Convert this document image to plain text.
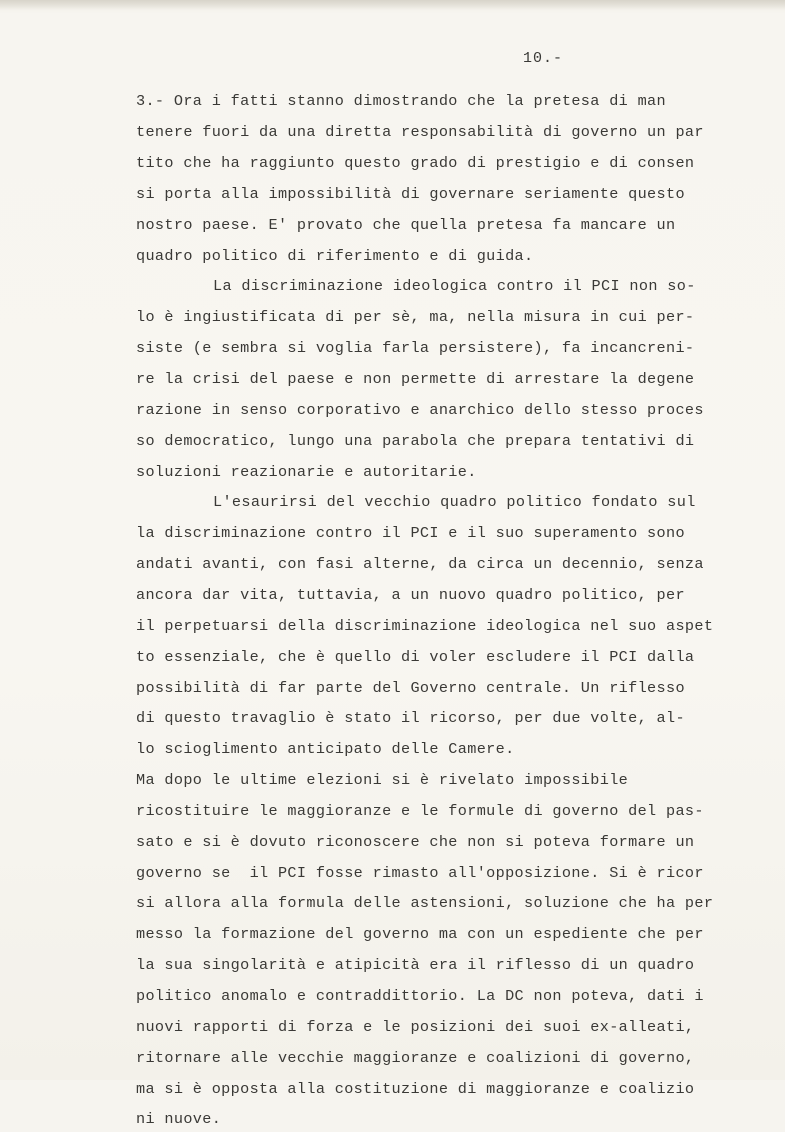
10.-
3.- Ora i fatti stanno dimostrando che la pretesa di man
tenere fuori da una diretta responsabilità di governo un par
tito che ha raggiunto questo grado di prestigio e di consen
si porta alla impossibilità di governare seriamente questo
nostro paese. E' provato che quella pretesa fa mancare un
quadro politico di riferimento e di guida.
La discriminazione ideologica contro il PCI non so-
lo è ingiustificata di per sè, ma, nella misura in cui per-
siste (e sembra si voglia farla persistere), fa incancreni-
re la crisi del paese e non permette di arrestare la degene
razione in senso corporativo e anarchico dello stesso proces
so democratico, lungo una parabola che prepara tentativi di
soluzioni reazionarie e autoritarie.
L'esaurirsi del vecchio quadro politico fondato sul
la discriminazione contro il PCI e il suo superamento sono
andati avanti, con fasi alterne, da circa un decennio, senza
ancora dar vita, tuttavia, a un nuovo quadro politico, per
il perpetuarsi della discriminazione ideologica nel suo aspet
to essenziale, che è quello di voler escludere il PCI dalla
possibilità di far parte del Governo centrale. Un riflesso
di questo travaglio è stato il ricorso, per due volte, al-
lo scioglimento anticipato delle Camere.
Ma dopo le ultime elezioni si è rivelato impossibile
ricostituire le maggioranze e le formule di governo del pas-
sato e si è dovuto riconoscere che non si poteva formare un
governo se  il PCI fosse rimasto all'opposizione. Si è ricor
si allora alla formula delle astensioni, soluzione che ha per
messo la formazione del governo ma con un espediente che per
la sua singolarità e atipicità era il riflesso di un quadro
politico anomalo e contraddittorio. La DC non poteva, dati i
nuovi rapporti di forza e le posizioni dei suoi ex-alleati,
ritornare alle vecchie maggioranze e coalizioni di governo,
ma si è opposta alla costituzione di maggioranze e coalizio
ni nuove.
